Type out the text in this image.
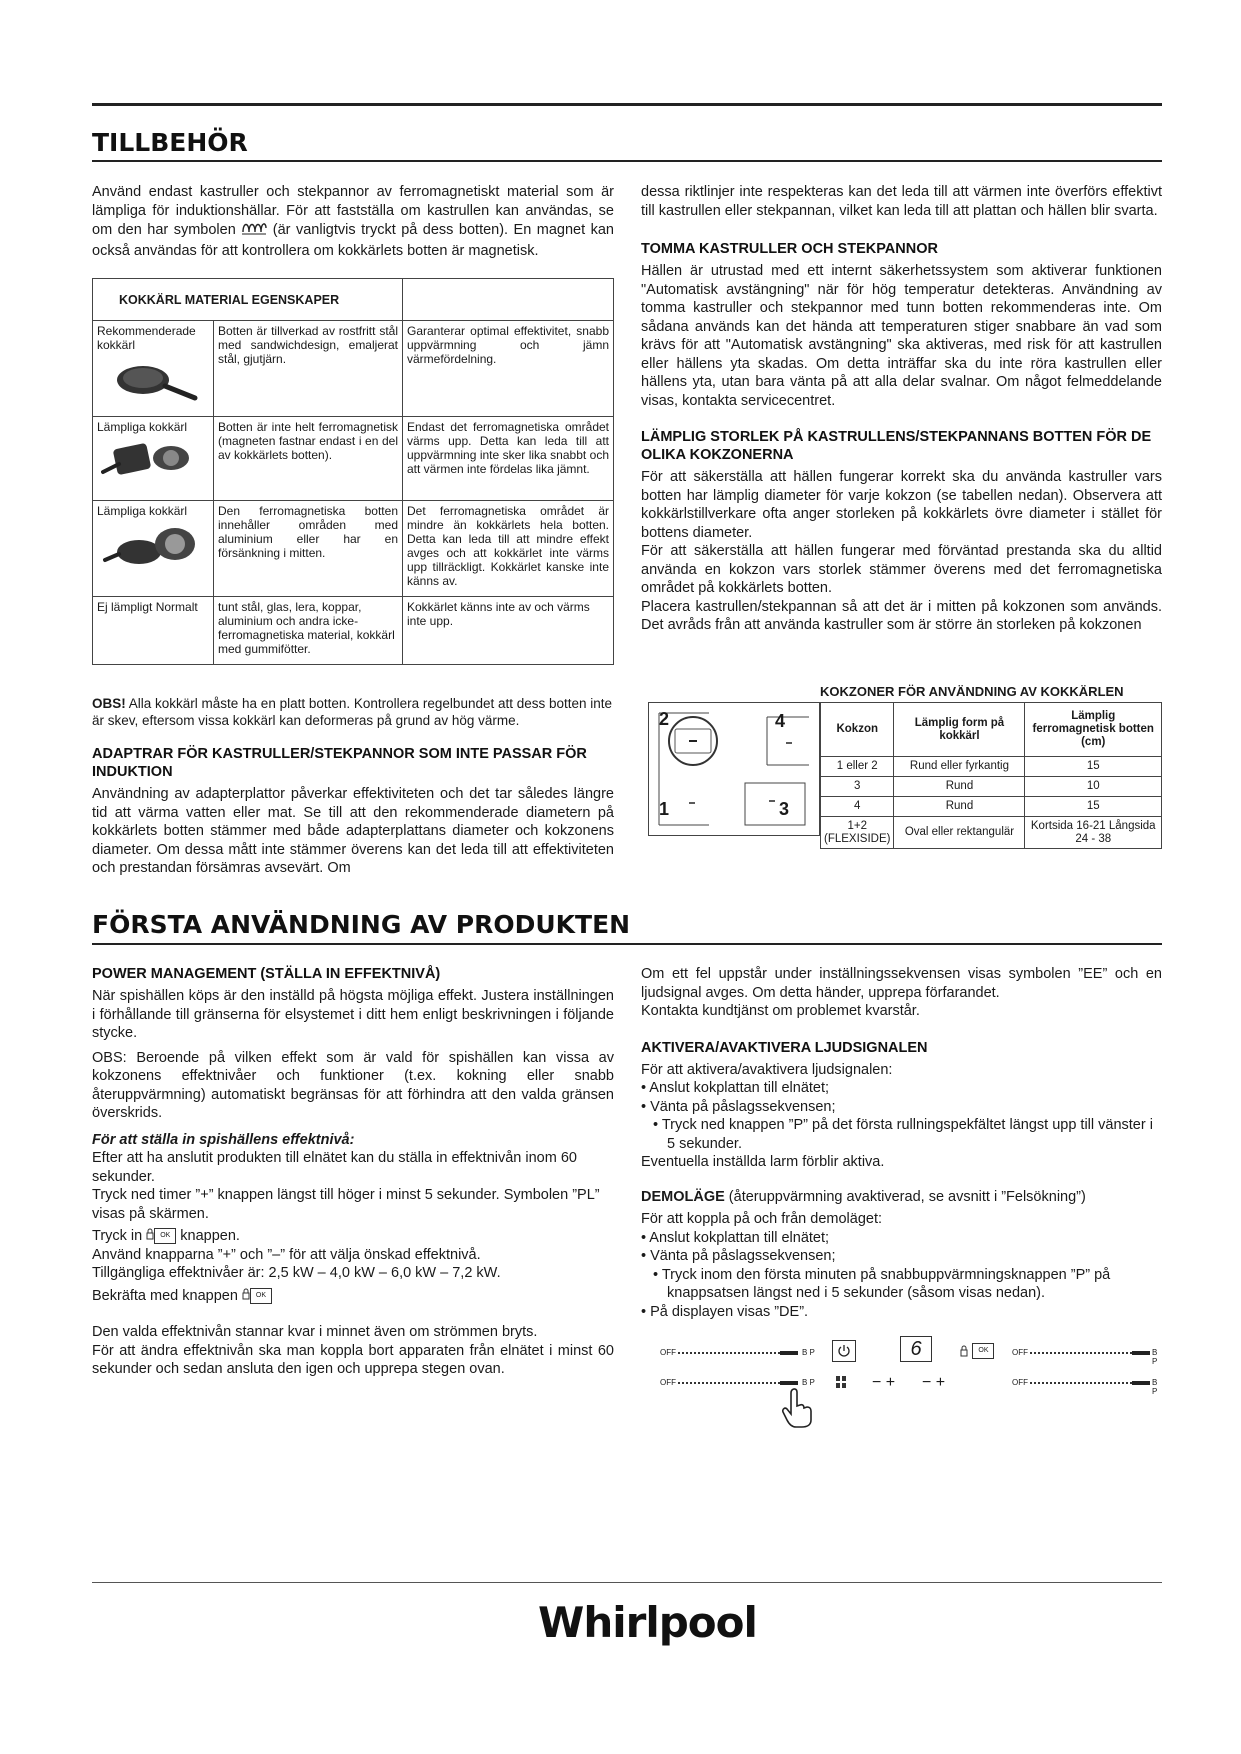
TILLBEHÖR

Använd endast kastruller och stekpannor av ferromagnetiskt material som är lämpliga för induktionshällar. För att fastställa om kastrullen kan användas, se om den har symbolen	(är vanligtvis tryckt på dess botten). En magnet kan också användas för att kontrollera om kokkärlets botten är magnetisk.

KOKKÄRL MATERIAL EGENSKAPER		

Rekommenderade kokkärl	Botten är tillverkad av rostfritt stål med sandwichdesign, emaljerat stål, gjutjärn.	Garanterar optimal effektivitet, snabb uppvärmning och jämn värmefördelning.

Lämpliga kokkärl	Botten är inte helt ferromagnetisk (magneten fastnar endast i en del av kokkärlets botten).	Endast det ferromagnetiska området värms upp. Detta kan leda till att uppvärmning inte sker lika snabbt och att värmen inte fördelas lika jämnt.

Lämpliga kokkärl	Den ferromagnetiska botten innehåller områden med aluminium eller har en försänkning i mitten.	Det ferromagnetiska området är mindre än kokkärlets hela botten. Detta kan leda till att mindre effekt avges och att kokkärlet inte värms upp tillräckligt. Kokkärlet kanske inte känns av.
Ej lämpligt Normalt	tunt stål, glas, lera, koppar, aluminium och andra icke-ferromagnetiska material, kokkärl med gummifötter.	Kokkärlet känns inte av och värms inte upp.

OBS! Alla kokkärl måste ha en platt botten. Kontrollera regelbundet att dess botten inte är skev, eftersom vissa kokkärl kan deformeras på grund av hög värme.

ADAPTRAR FÖR KASTRULLER/STEKPANNOR SOM INTE PASSAR FÖR INDUKTION

Användning av adapterplattor påverkar effektiviteten och det tar således längre tid att värma vatten eller mat. Se till att den rekommenderade diametern på kokkärlets botten stämmer med både adapterplattans diameter och kokzonens diameter. Om dessa mått inte stämmer överens kan det leda till att effektiviteten och prestandan försämras avsevärt. Om

dessa riktlinjer inte respekteras kan det leda till att värmen inte överförs effektivt till kastrullen eller stekpannan, vilket kan leda till att plattan och hällen blir svarta.

TOMMA KASTRULLER OCH STEKPANNOR

Hällen är utrustad med ett internt säkerhetssystem som aktiverar funktionen "Automatisk avstängning" när för hög temperatur detekteras. Användning av tomma kastruller och stekpannor med tunn botten rekommenderas inte. Om sådana används kan det hända att temperaturen stiger snabbare än vad som krävs för att "Automatisk avstängning" ska aktiveras, med risk för att kastrullen eller hällens yta skadas. Om detta inträffar ska du inte röra kastrullen eller hällens yta, utan bara vänta på att alla delar svalnar. Om något felmeddelande visas, kontakta servicecentret.

LÄMPLIG STORLEK PÅ KASTRULLENS/STEKPANNANS BOTTEN FÖR DE OLIKA KOKZONERNA

För att säkerställa att hällen fungerar korrekt ska du använda kastruller vars botten har lämplig diameter för varje kokzon (se tabellen nedan). Observera att kokkärlstillverkare ofta anger storleken på kokkärlets övre diameter i stället för bottens diameter.

För att säkerställa att hällen fungerar med förväntad prestanda ska du alltid använda en kokzon vars storlek stämmer överens med det ferromagnetiska området på kokkärlets botten.

Placera kastrullen/stekpannan så att det är i mitten på kokzonen som används. Det avråds från att använda kastruller som är större än storleken på kokzonen

KOKZONER FÖR ANVÄNDNING AV KOKKÄRLEN
2	4
1	3
Kokzon	Lämplig form på kokkärl	Lämplig ferromagnetisk botten (cm)
1 eller 2	Rund eller fyrkantig	15
3	Rund	10
4	Rund	15
1+2 (FLEXISIDE)	Oval eller rektangulär	Kortsida 16-21 Långsida 24 - 38
FÖRSTA ANVÄNDNING AV PRODUKTEN

POWER MANAGEMENT (STÄLLA IN EFFEKTNIVÅ)

När spishällen köps är den inställd på högsta möjliga effekt. Justera inställningen i förhållande till gränserna för elsystemet i ditt hem enligt beskrivningen i följande stycke.

OBS: Beroende på vilken effekt som är vald för spishällen kan vissa av kokzonens effektnivåer och funktioner (t.ex. kokning eller snabb återuppvärmning) automatiskt begränsas för att förhindra att den valda gränsen överskrids.

För att ställa in spishällens effektnivå:

Efter att ha anslutit produkten till elnätet kan du ställa in effektnivån inom 60 sekunder.

Tryck ned timer ”+” knappen längst till höger i minst 5 sekunder. Symbolen ”PL” visas på skärmen.

Tryck in	OK knappen.

Använd knapparna ”+” och ”–” för att välja önskad effektnivå.

Tillgängliga effektnivåer är: 2,5 kW – 4,0 kW – 6,0 kW – 7,2 kW.

Bekräfta med knappen	OK

Den valda effektnivån stannar kvar i minnet även om strömmen bryts.

För att ändra effektnivån ska man koppla bort apparaten från elnätet i minst 60 sekunder och sedan ansluta den igen och upprepa stegen ovan.

Om ett fel uppstår under inställningssekvensen visas symbolen ”EE” och en ljudsignal avges. Om detta händer, upprepa förfarandet.

Kontakta kundtjänst om problemet kvarstår.

AKTIVERA/AVAKTIVERA LJUDSIGNALEN

För att aktivera/avaktivera ljudsignalen:

• Anslut kokplattan till elnätet;

• Vänta på påslagssekvensen;

• Tryck ned knappen ”P” på det första rullningspekfältet längst upp till vänster i 5 sekunder.

Eventuella inställda larm förblir aktiva.

DEMOLÄGE (återuppvärmning avaktiverad, se avsnitt i ”Felsökning”)

För att koppla på och från demoläget:

• Anslut kokplattan till elnätet;

• Vänta på påslagssekvensen;

• Tryck inom den första minuten på snabbuppvärmningsknappen ”P” på knappsatsen längst ned i 5 sekunder (såsom visas nedan).

• På displayen visas ”DE”.

OFF	B P	6	OK	OFF	B P
OFF	B P	− + − +	OFF	B P
Whirlpool
